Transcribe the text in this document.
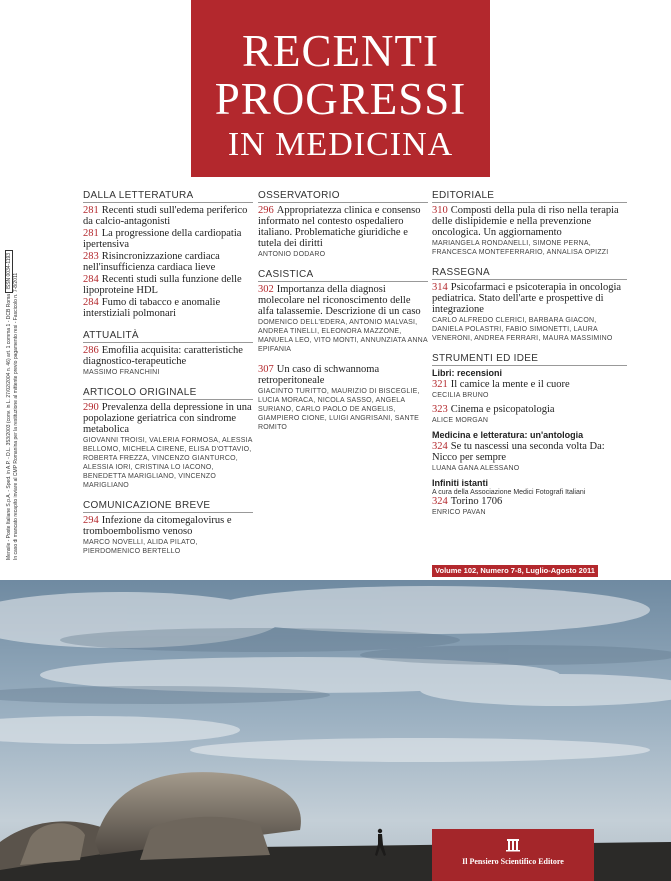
RECENTI
PROGRESSI
IN MEDICINA
Mensile - Poste Italiane S.p.A. - Sped. in A.P. - D.L. 353/2003 (conv. in L. 27/02/2004 n. 46) art. 1 comma 1 - DCB Roma ISSN 0034-1193
In caso di mancato recapito inviare al CMP Romanina per la restituzione al mittente previo pagamento resi - Fascicolo n. 7-8/2011
DALLA LETTERATURA
281 Recenti studi sull'edema periferico da calcio-antagonisti
281 La progressione della cardiopatia ipertensiva
283 Risincronizzazione cardiaca nell'insufficienza cardiaca lieve
284 Recenti studi sulla funzione delle lipoproteine HDL
284 Fumo di tabacco e anomalie interstiziali polmonari
ATTUALITÀ
286 Emofilia acquisita: caratteristiche diagnostico-terapeutiche
MASSIMO FRANCHINI
ARTICOLO ORIGINALE
290 Prevalenza della depressione in una popolazione geriatrica con sindrome metabolica
GIOVANNI TROISI, VALERIA FORMOSA, ALESSIA BELLOMO, MICHELA CIRENE, ELISA D'OTTAVIO, ROBERTA FREZZA, VINCENZO GIANTURCO, ALESSIA IORI, CRISTINA LO IACONO, BENEDETTA MARIGLIANO, VINCENZO MARIGLIANO
COMUNICAZIONE BREVE
294 Infezione da citomegalovirus e tromboembolismo venoso
MARCO NOVELLI, ALIDA PILATO, PIERDOMENICO BERTELLO
OSSERVATORIO
296 Appropriatezza clinica e consenso informato nel contesto ospedaliero italiano. Problematiche giuridiche e tutela dei diritti
ANTONIO DODARO
CASISTICA
302 Importanza della diagnosi molecolare nel riconoscimento delle alfa talassemie. Descrizione di un caso
DOMENICO DELL'EDERA, ANTONIO MALVASI, ANDREA TINELLI, ELEONORA MAZZONE, MANUELA LEO, VITO MONTI, ANNUNZIATA ANNA EPIFANIA
307 Un caso di schwannoma retroperitoneale
GIACINTO TURITTO, MAURIZIO DI BISCEGLIE, LUCIA MORACA, NICOLA SASSO, ANGELA SURIANO, CARLO PAOLO DE ANGELIS, GIAMPIERO CIONE, LUIGI ANGRISANI, SANTE ROMITO
EDITORIALE
310 Composti della pula di riso nella terapia delle dislipidemie e nella prevenzione oncologica. Un aggiornamento
MARIANGELA RONDANELLI, SIMONE PERNA, FRANCESCA MONTEFERRARIO, ANNALISA OPIZZI
RASSEGNA
314 Psicofarmaci e psicoterapia in oncologia pediatrica. Stato dell'arte e prospettive di integrazione
CARLO ALFREDO CLERICI, BARBARA GIACON, DANIELA POLASTRI, FABIO SIMONETTI, LAURA VENERONI, ANDREA FERRARI, MAURA MASSIMINO
STRUMENTI ED IDEE
Libri: recensioni
321 Il camice la mente e il cuore
CECILIA BRUNO
323 Cinema e psicopatologia
ALICE MORGAN
Medicina e letteratura: un'antologia
324 Se tu nascessi una seconda volta Da: Nicco per sempre
LUANA GANA ALESSANO
Infiniti istanti
A cura della Associazione Medici Fotografi Italiani
324 Torino 1706
ENRICO PAVAN
Volume 102, Numero 7-8, Luglio-Agosto 2011
Il Pensiero Scientifico Editore
